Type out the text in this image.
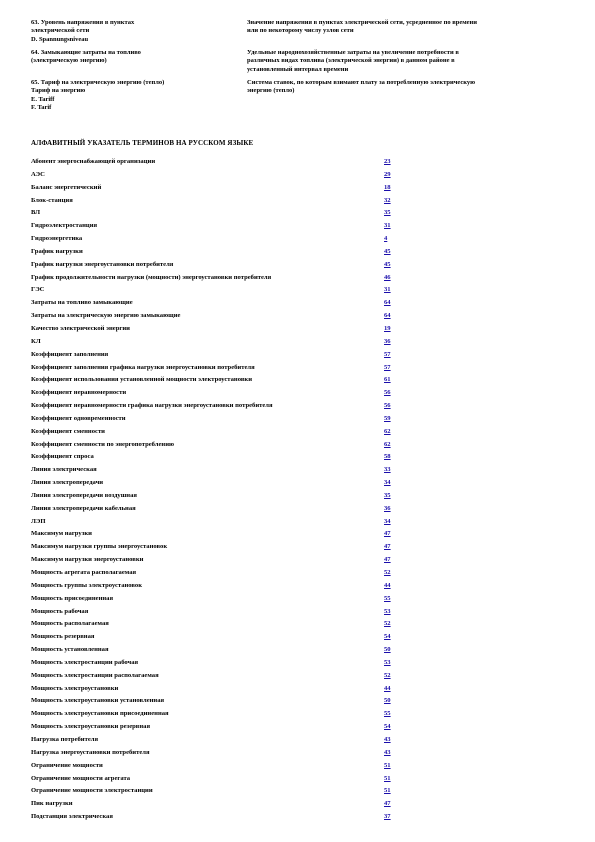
63. Уровень напряжения в пунктах
электрической сети
D. Spannungsniveau
Значение напряжения в пунктах электрической сети, усредненное по времени
или по некоторому числу узлов сети
64. Замыкающие затраты на топливо
(электрическую энергию)
Удельные народнохозяйственные затраты на увеличение потребности в
различных видах топлива (электрической энергии) в данном районе в
установленный интервал времени
65. Тариф на электрическую энергию (тепло)
Тариф на энергию
E. Tariff
F. Tarif
Система ставок, по которым взимают плату за потребленную электрическую
энергию (тепло)
АЛФАВИТНЫЙ УКАЗАТЕЛЬ ТЕРМИНОВ НА РУССКОМ ЯЗЫКЕ
Абонент энергоснабжающей организации	23
АЭС	29
Баланс энергетический	18
Блок-станция	32
ВЛ	35
Гидроэлектростанция	31
Гидроэнергетика	4
График нагрузки	45
График нагрузки энергоустановки потребителя	45
График продолжительности нагрузки (мощности) энергоустановки потребителя	46
ГЭС	31
Затраты на топливо замыкающие	64
Затраты на электрическую энергию замыкающие	64
Качество электрической энергии	19
КЛ	36
Коэффициент заполнения	57
Коэффициент заполнения графика нагрузки энергоустановки потребителя	57
Коэффициент использования установленной мощности электроустановки	61
Коэффициент неравномерности	56
Коэффициент неравномерности графика нагрузки энергоустановки потребителя	56
Коэффициент одновременности	59
Коэффициент сменности	62
Коэффициент сменности по энергопотреблению	62
Коэффициент спроса	58
Линия электрическая	33
Линия электропередачи	34
Линия электропередачи воздушная	35
Линия электропередачи кабельная	36
ЛЭП	34
Максимум нагрузки	47
Максимум нагрузки группы энергоустановок	47
Максимум нагрузки энергоустановки	47
Мощность агрегата располагаемая	52
Мощность группы электроустановок	44
Мощность присоединенная	55
Мощность рабочая	53
Мощность располагаемая	52
Мощность резервная	54
Мощность установленная	50
Мощность электростанции рабочая	53
Мощность электростанции располагаемая	52
Мощность электроустановки	44
Мощность электроустановки установленная	50
Мощность электроустановки присоединенная	55
Мощность электроустановки резервная	54
Нагрузка потребителя	43
Нагрузка энергоустановки потребителя	43
Ограничение мощности	51
Ограничение мощности агрегата	51
Ограничение мощности электростанции	51
Пик нагрузки	47
Подстанция электрическая	37
